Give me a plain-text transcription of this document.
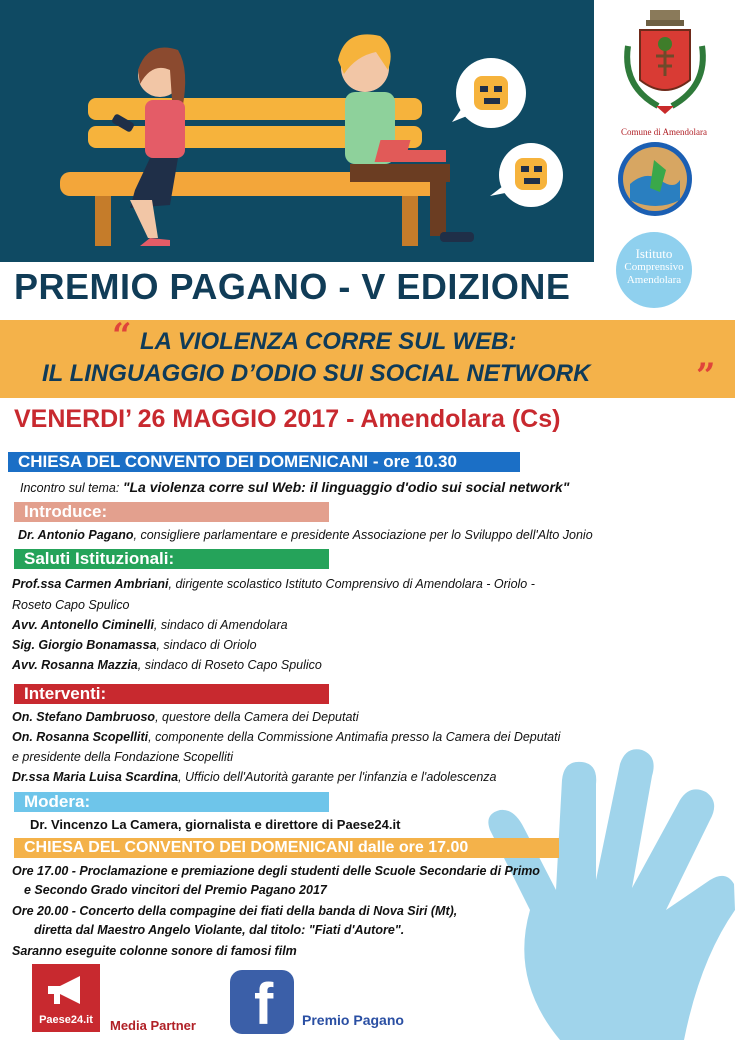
Comune di Amendolara
Istituto
Comprensivo
Amendolara
PREMIO PAGANO - V EDIZIONE
“ LA VIOLENZA CORRE SUL WEB:
IL LINGUAGGIO D’ODIO SUI SOCIAL NETWORK	”
VENERDI’ 26 MAGGIO 2017 - Amendolara (Cs)
CHIESA DEL CONVENTO DEI DOMENICANI - ore 10.30
Incontro sul tema: "La violenza corre sul Web: il linguaggio d'odio sui social network"
Introduce:
Dr. Antonio Pagano, consigliere parlamentare e presidente Associazione per lo Sviluppo dell'Alto Jonio
Saluti Istituzionali:
Prof.ssa Carmen Ambriani, dirigente scolastico Istituto Comprensivo di Amendolara - Oriolo -
Roseto Capo Spulico
Avv. Antonello Ciminelli, sindaco di Amendolara
Sig. Giorgio Bonamassa, sindaco di Oriolo
Avv. Rosanna Mazzia, sindaco di Roseto Capo Spulico
Interventi:
On. Stefano Dambruoso, questore della Camera dei Deputati
On. Rosanna Scopelliti, componente della Commissione Antimafia presso la Camera dei Deputati
e presidente della Fondazione Scopelliti
Dr.ssa Maria Luisa Scardina, Ufficio dell'Autorità garante per l'infanzia e l'adolescenza
Modera:
Dr. Vincenzo La Camera, giornalista e direttore di Paese24.it
CHIESA DEL CONVENTO DEI DOMENICANI dalle ore 17.00
Ore 17.00 - Proclamazione e premiazione degli studenti delle Scuole Secondarie di Primo
e Secondo Grado vincitori del Premio Pagano 2017
Ore 20.00 - Concerto della compagine dei fiati della banda di Nova Siri (Mt),
diretta dal Maestro Angelo Violante, dal titolo: "Fiati d'Autore".
Saranno eseguite colonne sonore di famosi film
Paese24.it	Media Partner f Premio Pagano
